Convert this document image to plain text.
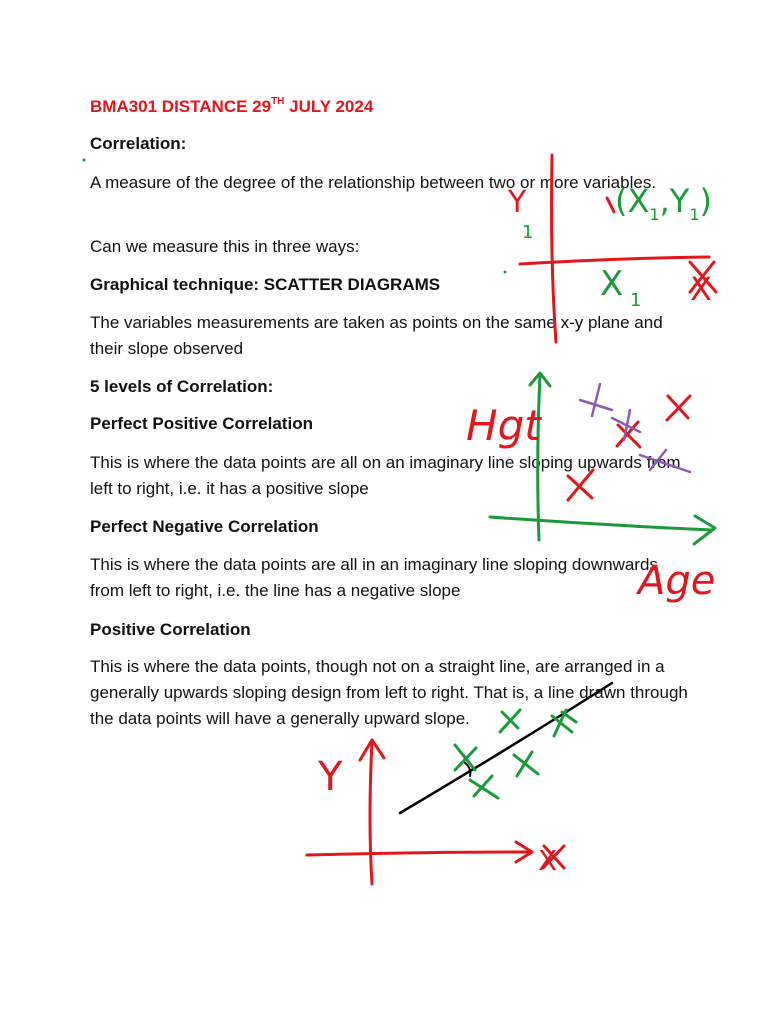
BMA301 DISTANCE 29TH JULY 2024

Correlation:

A measure of the degree of the relationship between two or more variables.

Can we measure this in three ways:

Graphical technique: SCATTER DIAGRAMS

The variables measurements are taken as points on the same x-y plane and their slope observed

5 levels of Correlation:

Perfect Positive Correlation

This is where the data points are all on an imaginary line sloping upwards from left to right, i.e. it has a positive slope

Perfect Negative Correlation

This is where the data points are all in an imaginary line sloping downwards from left to right, i.e. the line has a negative slope

Positive Correlation

This is where the data points, though not on a straight line, are arranged in a generally upwards sloping design from left to right. That is, a line drawn through the data points will have a generally upward slope.

Y
X
Hgt
Age
Y
X
1
X 1
$(X_1,Y_1)$
